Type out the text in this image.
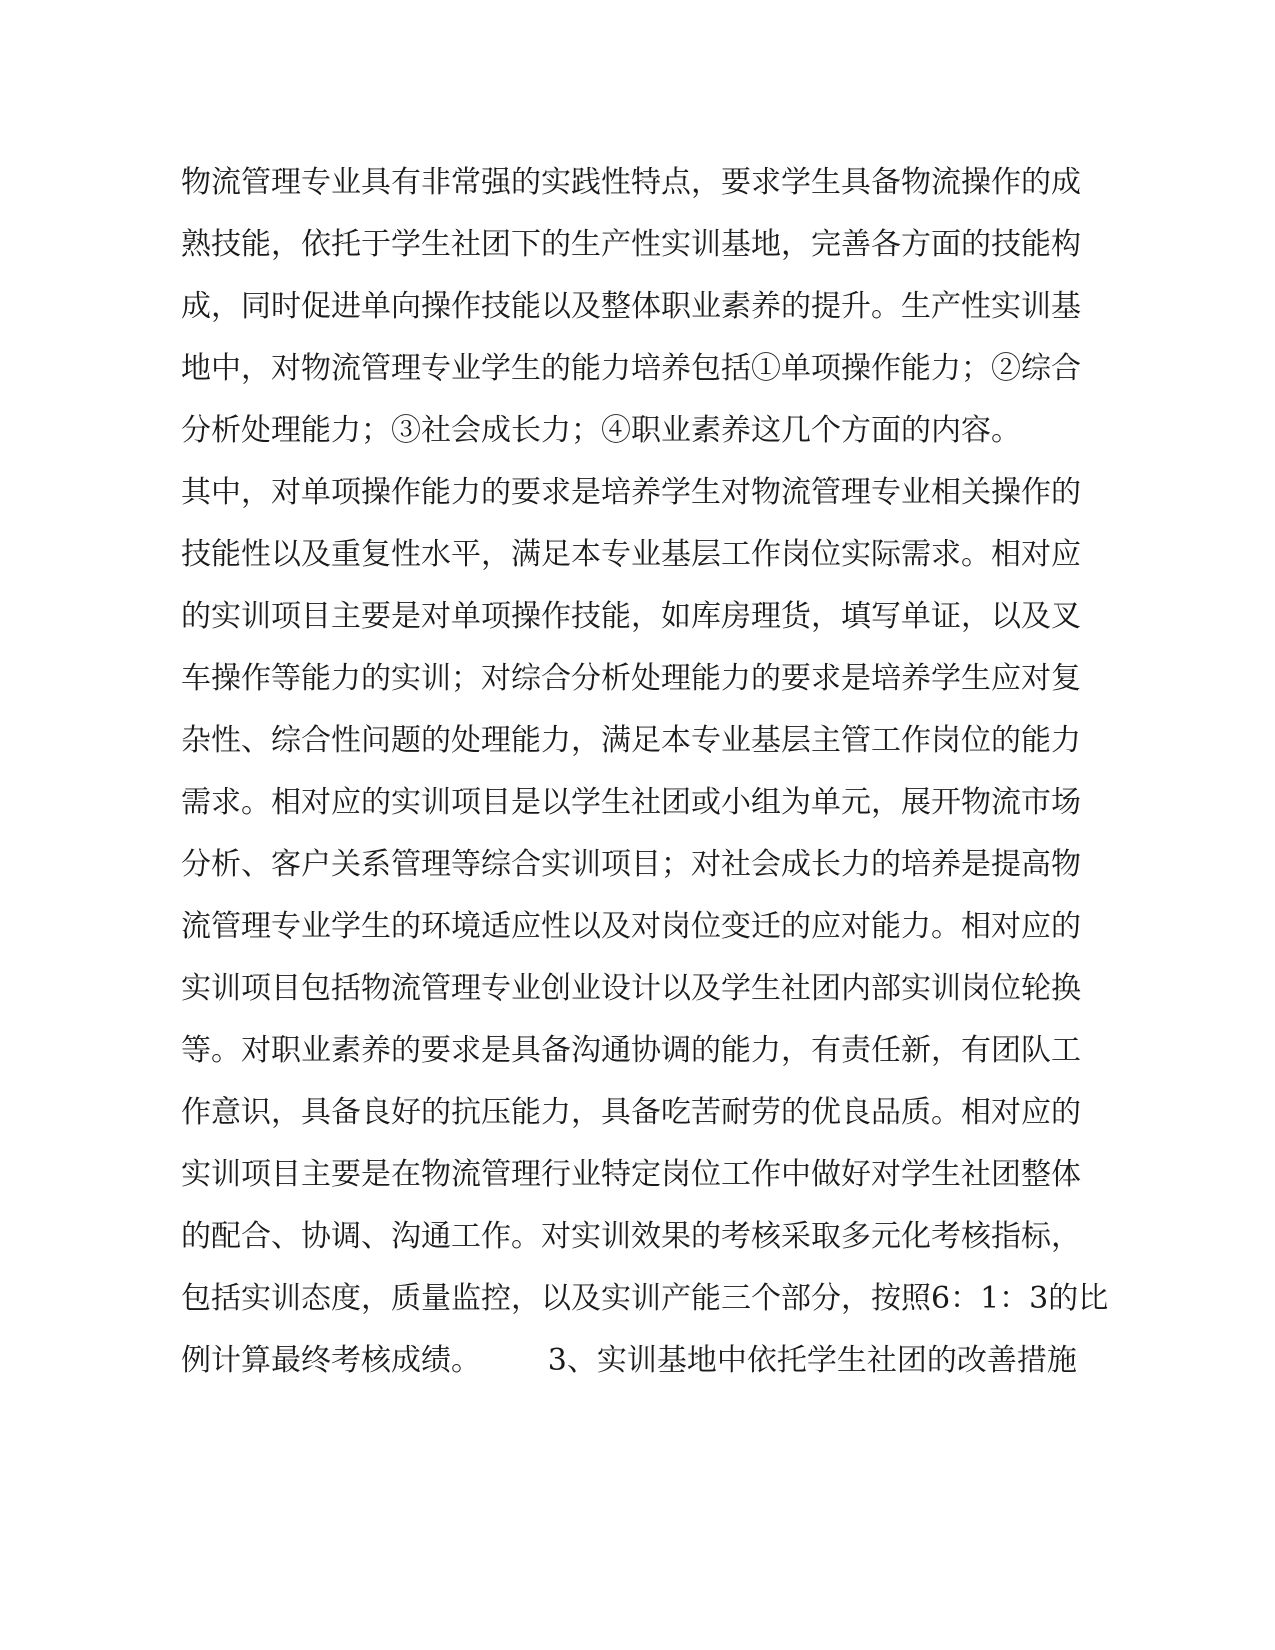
物流管理专业具有非常强的实践性特点，要求学生具备物流操作的成
熟技能，依托于学生社团下的生产性实训基地，完善各方面的技能构
成，同时促进单向操作技能以及整体职业素养的提升。生产性实训基
地中，对物流管理专业学生的能力培养包括①单项操作能力；②综合
分析处理能力；③社会成长力；④职业素养这几个方面的内容。
其中，对单项操作能力的要求是培养学生对物流管理专业相关操作的
技能性以及重复性水平，满足本专业基层工作岗位实际需求。相对应
的实训项目主要是对单项操作技能，如库房理货，填写单证，以及叉
车操作等能力的实训；对综合分析处理能力的要求是培养学生应对复
杂性、综合性问题的处理能力，满足本专业基层主管工作岗位的能力
需求。相对应的实训项目是以学生社团或小组为单元，展开物流市场
分析、客户关系管理等综合实训项目；对社会成长力的培养是提高物
流管理专业学生的环境适应性以及对岗位变迁的应对能力。相对应的
实训项目包括物流管理专业创业设计以及学生社团内部实训岗位轮换
等。对职业素养的要求是具备沟通协调的能力，有责任新，有团队工
作意识，具备良好的抗压能力，具备吃苦耐劳的优良品质。相对应的
实训项目主要是在物流管理行业特定岗位工作中做好对学生社团整体
的配合、协调、沟通工作。对实训效果的考核采取多元化考核指标，
包括实训态度，质量监控，以及实训产能三个部分，按照6：1：3的比
例计算最终考核成绩。       3、实训基地中依托学生社团的改善措施
